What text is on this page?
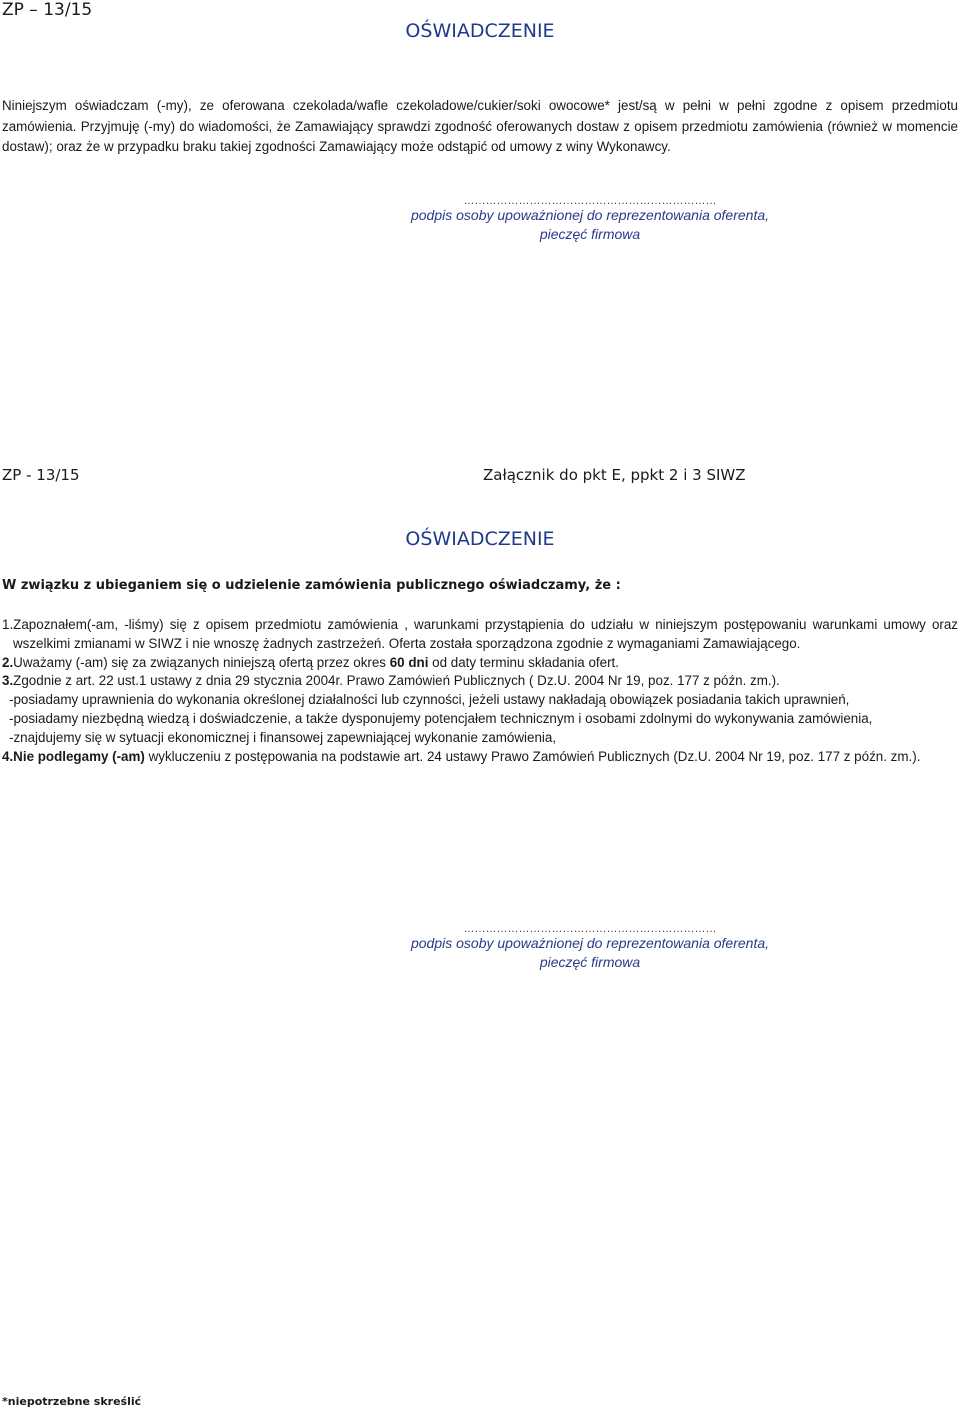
ZP – 13/15
OŚWIADCZENIE
Niniejszym oświadczam (-my), ze oferowana czekolada/wafle czekoladowe/cukier/soki owocowe* jest/są w pełni w pełni zgodne z opisem przedmiotu zamówienia. Przyjmuję (-my) do wiadomości, że Zamawiający sprawdzi zgodność oferowanych dostaw z opisem przedmiotu zamówienia (również w momencie dostaw); oraz że w przypadku braku takiej zgodności Zamawiający może odstąpić od umowy z winy Wykonawcy.
……………………………………………………………
podpis osoby upoważnionej do reprezentowania oferenta,
pieczęć firmowa
ZP - 13/15	Załącznik do pkt E, ppkt 2 i 3 SIWZ
OŚWIADCZENIE
W związku z ubieganiem się o udzielenie zamówienia publicznego oświadczamy, że :

1.Zapoznałem(-am, -liśmy) się z opisem przedmiotu zamówienia , warunkami przystąpienia do udziału w niniejszym postępowaniu warunkami umowy oraz wszelkimi zmianami w SIWZ i nie wnoszę żadnych zastrzeżeń. Oferta została sporządzona zgodnie z wymaganiami Zamawiającego.

2.Uważamy (-am) się za związanych niniejszą ofertą przez okres 60 dni od daty terminu składania ofert.

3.Zgodnie z art. 22 ust.1 ustawy z dnia 29 stycznia 2004r. Prawo Zamówień Publicznych ( Dz.U. 2004 Nr 19, poz. 177 z późn. zm.).

-posiadamy uprawnienia do wykonania określonej działalności lub czynności, jeżeli ustawy nakładają obowiązek posiadania takich uprawnień,

-posiadamy niezbędną wiedzą i doświadczenie, a także dysponujemy potencjałem technicznym i osobami zdolnymi do wykonywania zamówienia,

-znajdujemy się w sytuacji ekonomicznej i finansowej zapewniającej wykonanie zamówienia,

4.Nie podlegamy (-am) wykluczeniu z postępowania na podstawie art. 24 ustawy Prawo Zamówień Publicznych (Dz.U. 2004 Nr 19, poz. 177 z późn. zm.).

……………………………………………………………
podpis osoby upoważnionej do reprezentowania oferenta,
pieczęć firmowa
*niepotrzebne skreślić
